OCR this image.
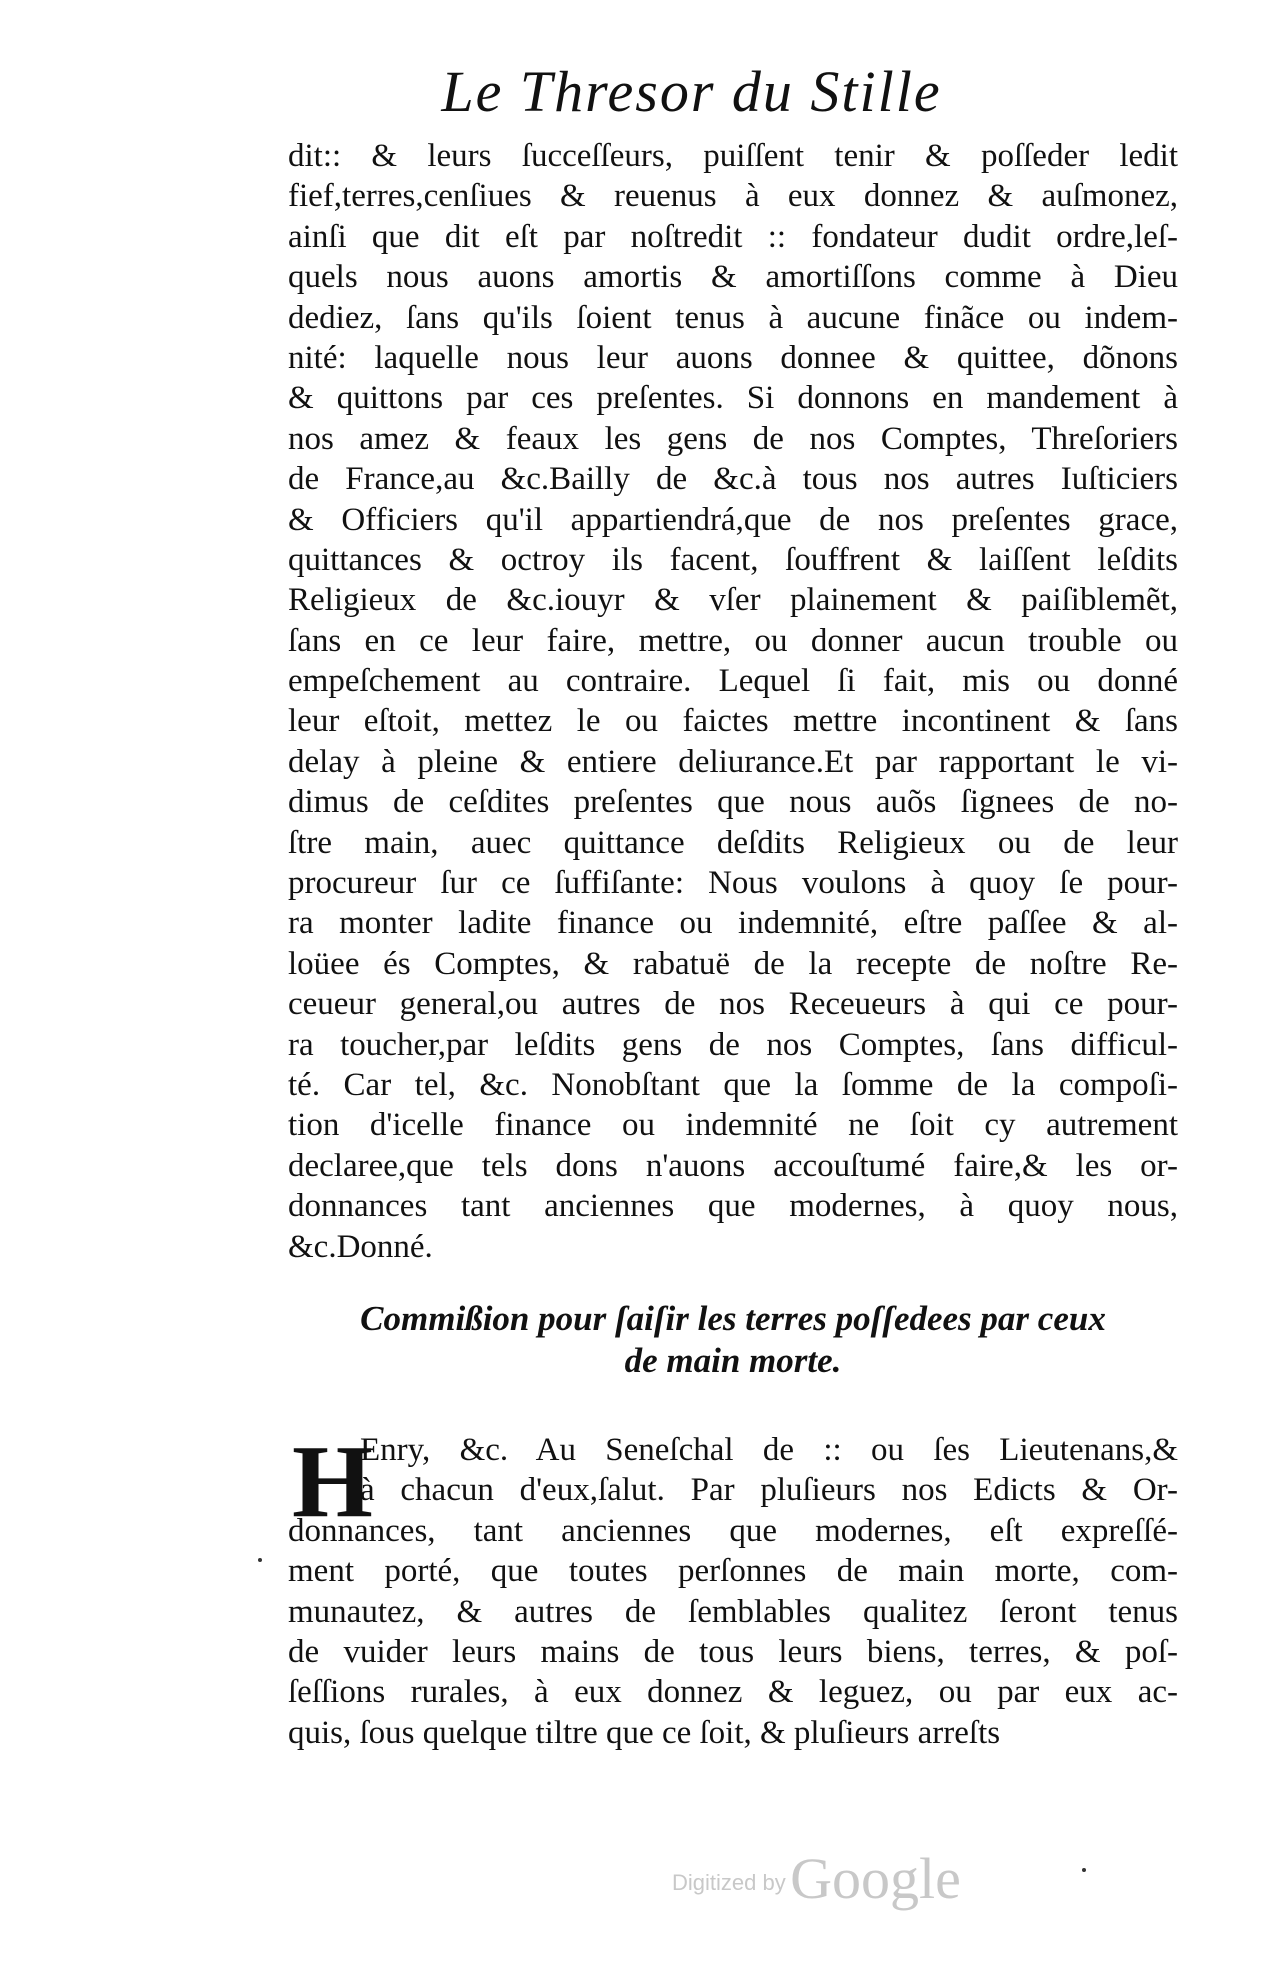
Le Thresor du Stille
dit:: & leurs ſucceſſeurs, puiſſent tenir & poſſeder ledit
fief,terres,cenſiues & reuenus à eux donnez & auſmonez,
ainſi que dit eſt par noſtredit :: fondateur dudit ordre,leſ-
quels nous auons amortis & amortiſſons comme à Dieu
dediez, ſans qu'ils ſoient tenus à aucune finãce ou indem-
nité: laquelle nous leur auons donnee & quittee, dõnons
& quittons par ces preſentes. Si donnons en mandement à
nos amez & feaux les gens de nos Comptes, Threſoriers
de France,au &c.Bailly de &c.à tous nos autres Iuſticiers
& Officiers qu'il appartiendrá,que de nos preſentes grace,
quittances & octroy ils facent, ſouffrent & laiſſent leſdits
Religieux de &c.iouyr & vſer plainement & paiſiblemẽt,
ſans en ce leur faire, mettre, ou donner aucun trouble ou
empeſchement au contraire. Lequel ſi fait, mis ou donné
leur eſtoit, mettez le ou faictes mettre incontinent & ſans
delay à pleine & entiere deliurance.Et par rapportant le vi-
dimus de ceſdites preſentes que nous auõs ſignees de no-
ſtre main, auec quittance deſdits Religieux ou de leur
procureur ſur ce ſuffiſante: Nous voulons à quoy ſe pour-
ra monter ladite finance ou indemnité, eſtre paſſee & al-
loüee és Comptes, & rabatuë de la recepte de noſtre Re-
ceueur general,ou autres de nos Receueurs à qui ce pour-
ra toucher,par leſdits gens de nos Comptes, ſans difficul-
té. Car tel, &c. Nonobſtant que la ſomme de la compoſi-
tion d'icelle finance ou indemnité ne ſoit cy autrement
declaree,que tels dons n'auons accouſtumé faire,& les or-
donnances tant anciennes que modernes, à quoy nous,
&c.Donné.
Commißion pour ſaiſir les terres poſſedees par ceux
de main morte.
H
Enry, &c. Au Seneſchal de :: ou ſes Lieutenans,&
à chacun d'eux,ſalut. Par pluſieurs nos Edicts & Or-
donnances, tant anciennes que modernes, eſt expreſſé-
ment porté, que toutes perſonnes de main morte, com-
munautez, & autres de ſemblables qualitez ſeront tenus
de vuider leurs mains de tous leurs biens, terres, & poſ-
ſeſſions rurales, à eux donnez & leguez, ou par eux ac-
quis, ſous quelque tiltre que ce ſoit, & pluſieurs arreſts
Digitized by Google
